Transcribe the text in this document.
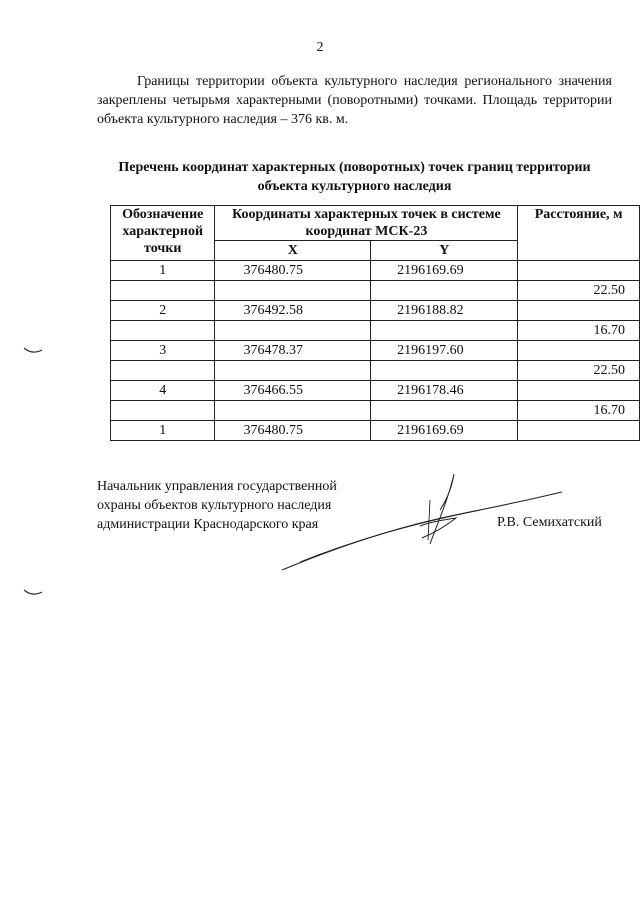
2

Границы территории объекта культурного наследия регионального значения закреплены четырьмя характерными (поворотными) точками. Площадь территории объекта культурного наследия – 376 кв. м.

Перечень координат характерных (поворотных) точек границ территории объекта культурного наследия
Обозначение характерной точки	Координаты характерных точек в системе координат МСК-23		Расстояние, м
	X	Y	
1	376480.75	2196169.69	
			22.50
2	376492.58	2196188.82	
			16.70
3	376478.37	2196197.60	
			22.50
4	376466.55	2196178.46	
			16.70
1	376480.75	2196169.69	
Начальник управления государственной
охраны объектов культурного наследия
администрации Краснодарского края	Р.В. Семихатский
